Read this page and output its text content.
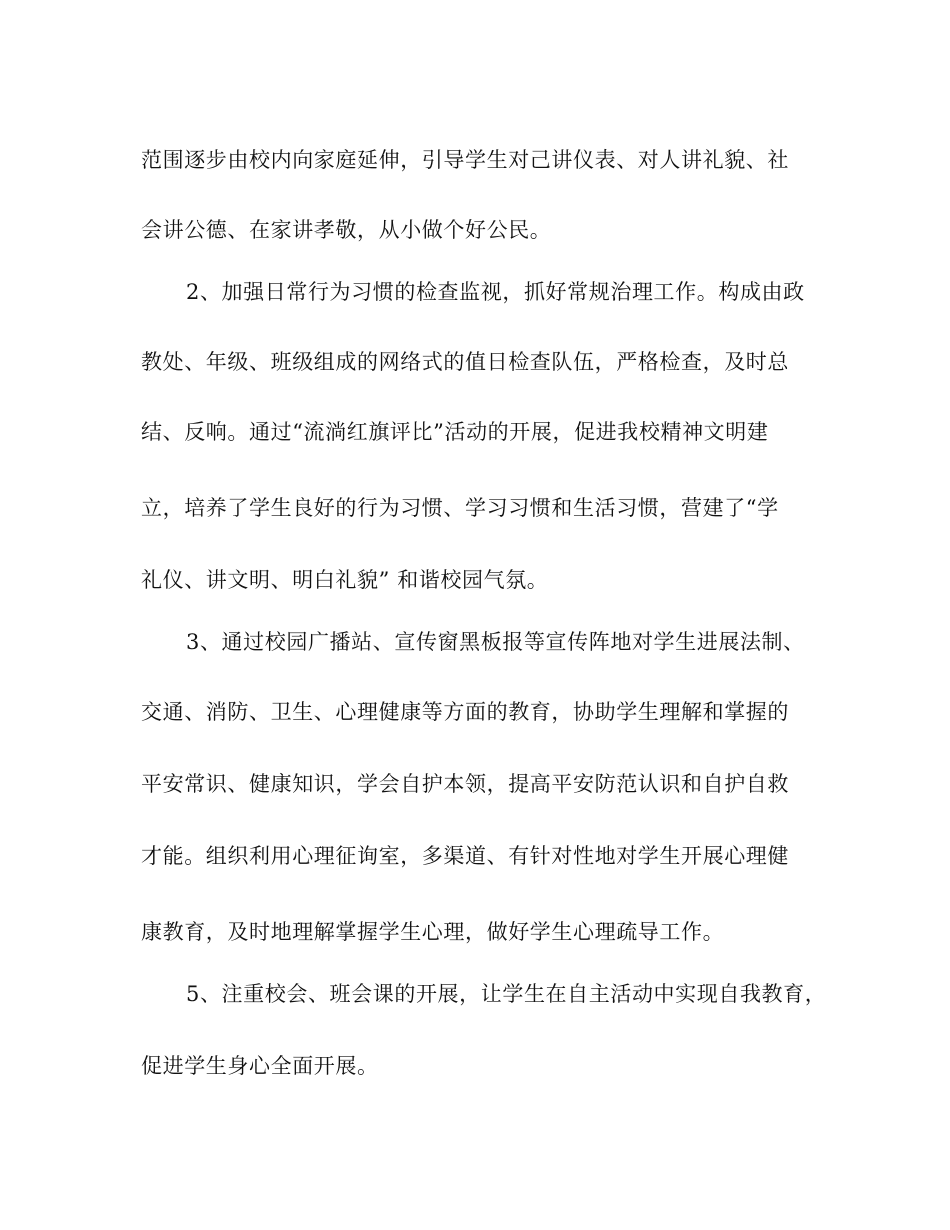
范围逐步由校内向家庭延伸，引导学生对己讲仪表、对人讲礼貌、社
会讲公德、在家讲孝敬，从小做个好公民。
2、加强日常行为习惯的检查监视，抓好常规治理工作。构成由政
教处、年级、班级组成的网络式的值日检查队伍，严格检查，及时总
结、反响。通过“流淌红旗评比”活动的开展，促进我校精神文明建
立，培养了学生良好的行为习惯、学习习惯和生活习惯，营建了“学
礼仪、讲文明、明白礼貌” 和谐校园气氛。
3、通过校园广播站、宣传窗黑板报等宣传阵地对学生进展法制、
交通、消防、卫生、心理健康等方面的教育，协助学生理解和掌握的
平安常识、健康知识，学会自护本领，提高平安防范认识和自护自救
才能。组织利用心理征询室，多渠道、有针对性地对学生开展心理健
康教育，及时地理解掌握学生心理，做好学生心理疏导工作。
5、注重校会、班会课的开展，让学生在自主活动中实现自我教育，
促进学生身心全面开展。
